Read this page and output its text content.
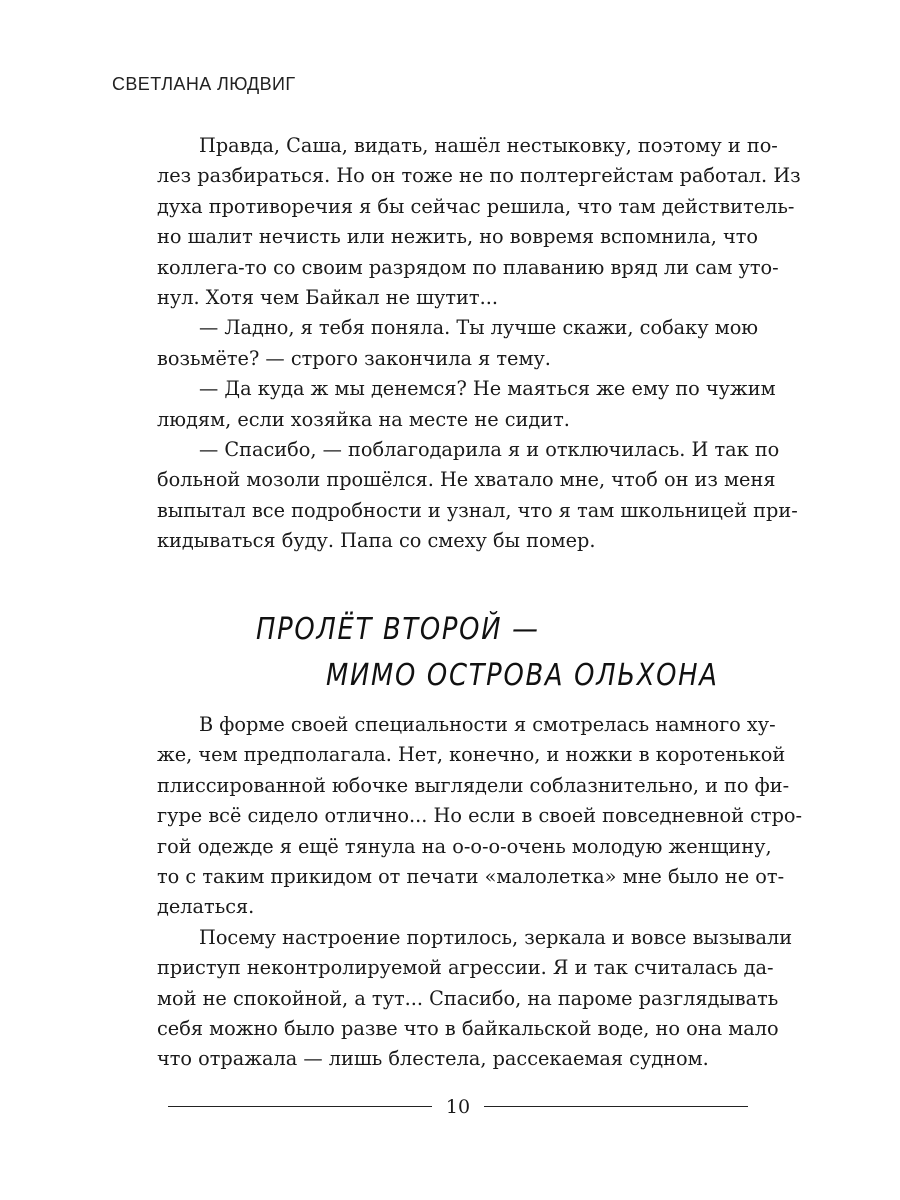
СВЕТЛАНА ЛЮДВИГ
Правда, Саша, видать, нашёл нестыковку, поэтому и по-
лез разбираться. Но он тоже не по полтергейстам работал. Из
духа противоречия я бы сейчас решила, что там действитель-
но шалит нечисть или нежить, но вовремя вспомнила, что
коллега-то со своим разрядом по плаванию вряд ли сам уто-
нул. Хотя чем Байкал не шутит...
— Ладно, я тебя поняла. Ты лучше скажи, собаку мою
возьмёте? — строго закончила я тему.
— Да куда ж мы денемся? Не маяться же ему по чужим
людям, если хозяйка на месте не сидит.
— Спасибо, — поблагодарила я и отключилась. И так по
больной мозоли прошёлся. Не хватало мне, чтоб он из меня
выпытал все подробности и узнал, что я там школьницей при-
кидываться буду. Папа со смеху бы помер.
ПРОЛЁТ ВТОРОЙ —
МИМО ОСТРОВА ОЛЬХОНА
В форме своей специальности я смотрелась намного ху-
же, чем предполагала. Нет, конечно, и ножки в коротенькой
плиссированной юбочке выглядели соблазнительно, и по фи-
гуре всё сидело отлично... Но если в своей повседневной стро-
гой одежде я ещё тянула на о-о-о-очень молодую женщину,
то с таким прикидом от печати «малолетка» мне было не от-
делаться.
Посему настроение портилось, зеркала и вовсе вызывали
приступ неконтролируемой агрессии. Я и так считалась да-
мой не спокойной, а тут... Спасибо, на пароме разглядывать
себя можно было разве что в байкальской воде, но она мало
что отражала — лишь блестела, рассекаемая судном.
10
